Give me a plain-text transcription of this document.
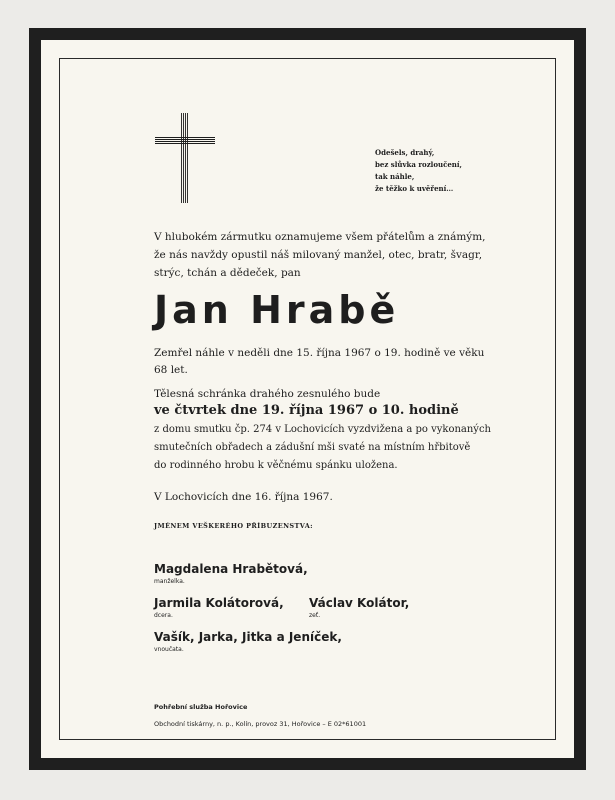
Odešels, drahý,
bez slůvka rozloučení,
tak náhle,
že těžko k uvěření…
V hlubokém zármutku oznamujeme všem přátelům a známým,
že nás navždy opustil náš milovaný manžel, otec, bratr, švagr,
strýc, tchán a dědeček, pan
Jan Hrabě
Zemřel náhle v neděli dne 15. října 1967 o 19. hodině ve věku
68 let.
Tělesná schránka drahého zesnulého bude
ve čtvrtek dne 19. října 1967 o 10. hodině
z domu smutku čp. 274 v Lochovicích vyzdvižena a po vykonaných
smutečních obřadech a zádušní mši svaté na místním hřbitově
do rodinného hrobu k věčnému spánku uložena.
V Lochovicích dne 16. října 1967.
JMÉNEM VEŠKERÉHO PŘÍBUZENSTVA:
Magdalena Hrabětová,
manželka.
Jarmila Kolátorová,
dcera.
Václav Kolátor,
zeť.
Vašík, Jarka, Jitka a Jeníček,
vnoučata.
Pohřební služba Hořovice
Obchodní tiskárny, n. p., Kolín, provoz 31, Hořovice – E 02*61001
